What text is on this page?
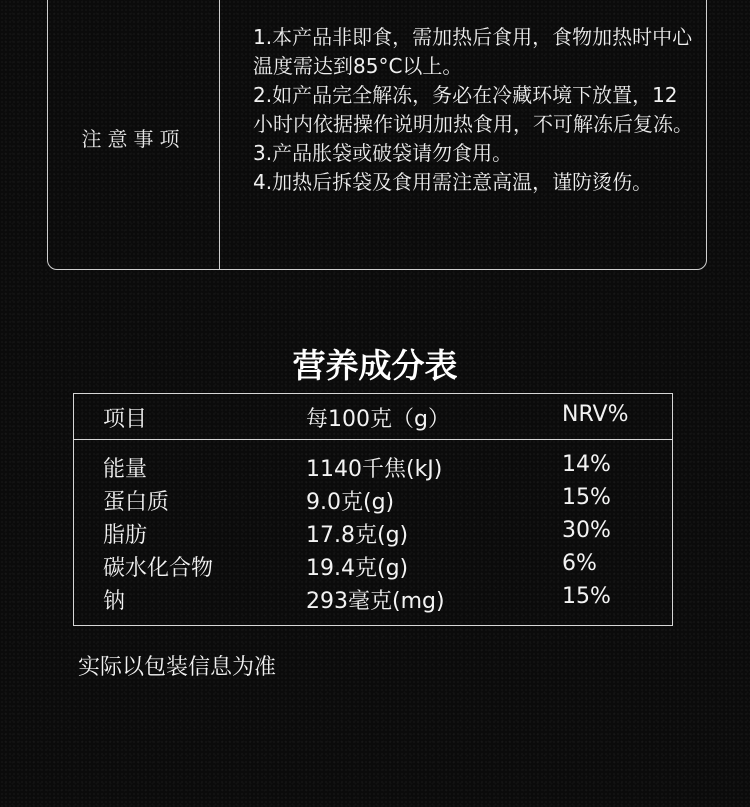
注意事项
1.本产品非即食，需加热后食用，食物加热时中心温度需达到85°C以上。
2.如产品完全解冻，务必在冷藏环境下放置，12小时内依据操作说明加热食用，不可解冻后复冻。
3.产品胀袋或破袋请勿食用。
4.加热后拆袋及食用需注意高温，谨防烫伤。
营养成分表
项目	每100克（g）	NRV%
能量	1140千焦(kJ)	14%
蛋白质	9.0克(g)	15%
脂肪	17.8克(g)	30%
碳水化合物	19.4克(g)	6%
钠	293毫克(mg)	15%
实际以包装信息为准
